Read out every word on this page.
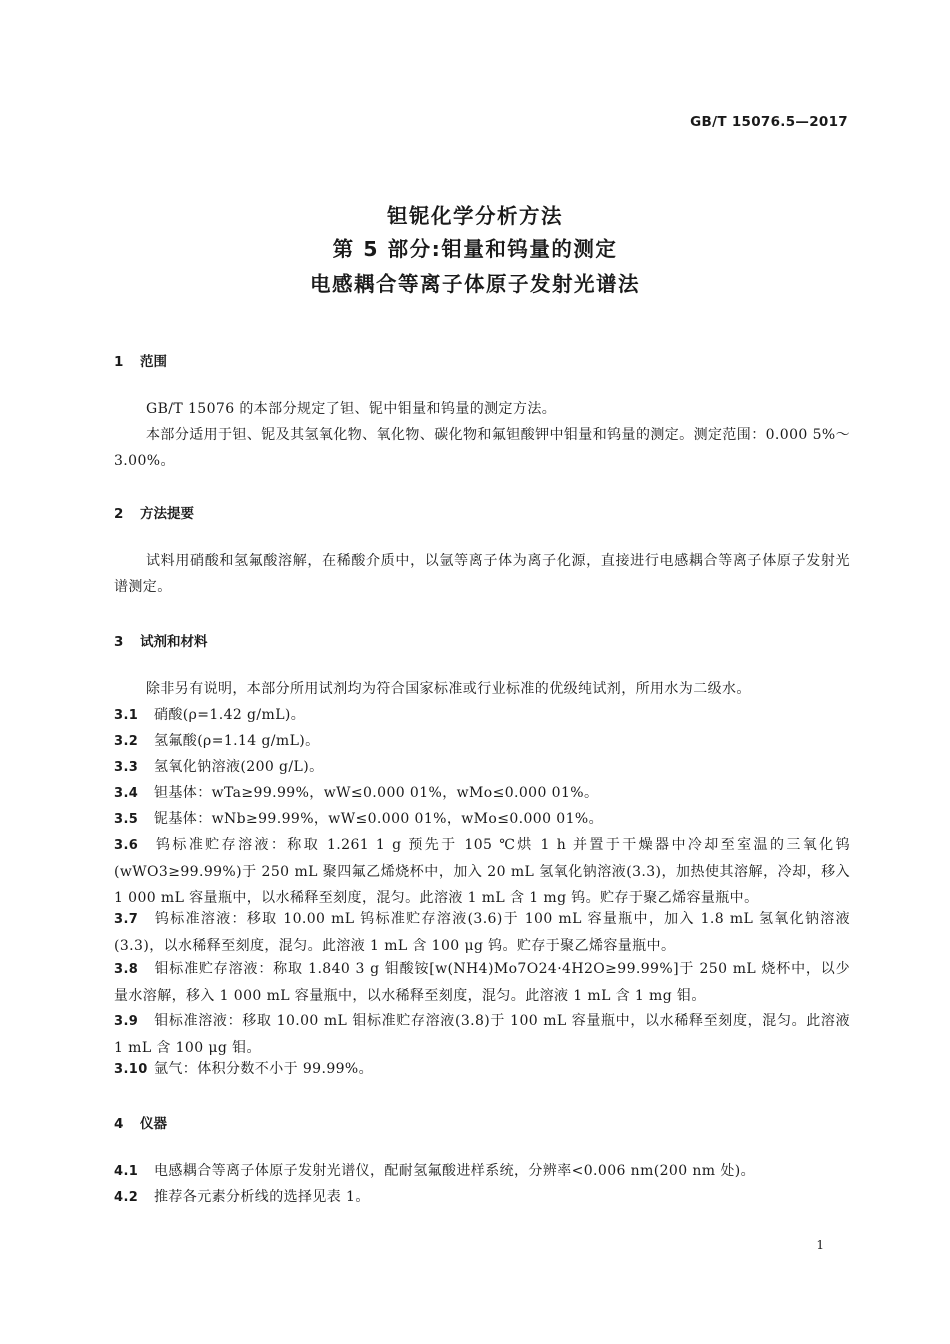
GB/T 15076.5—2017
钽铌化学分析方法
第 5 部分:钼量和钨量的测定
电感耦合等离子体原子发射光谱法
1 范围
GB/T 15076 的本部分规定了钽、铌中钼量和钨量的测定方法。
本部分适用于钽、铌及其氢氧化物、氧化物、碳化物和氟钽酸钾中钼量和钨量的测定。测定范围：0.000 5%～3.00%。
2 方法提要
试料用硝酸和氢氟酸溶解，在稀酸介质中，以氩等离子体为离子化源，直接进行电感耦合等离子体原子发射光谱测定。
3 试剂和材料
除非另有说明，本部分所用试剂均为符合国家标准或行业标准的优级纯试剂，所用水为二级水。
3.1 硝酸(ρ=1.42 g/mL)。
3.2 氢氟酸(ρ=1.14 g/mL)。
3.3 氢氧化钠溶液(200 g/L)。
3.4 钽基体：wTa≥99.99%，wW≤0.000 01%，wMo≤0.000 01%。
3.5 铌基体：wNb≥99.99%，wW≤0.000 01%，wMo≤0.000 01%。
3.6 钨标准贮存溶液：称取 1.261 1 g 预先于 105 ℃烘 1 h 并置于干燥器中冷却至室温的三氧化钨(wWO3≥99.99%)于 250 mL 聚四氟乙烯烧杯中，加入 20 mL 氢氧化钠溶液(3.3)，加热使其溶解，冷却，移入 1 000 mL 容量瓶中，以水稀释至刻度，混匀。此溶液 1 mL 含 1 mg 钨。贮存于聚乙烯容量瓶中。
3.7 钨标准溶液：移取 10.00 mL 钨标准贮存溶液(3.6)于 100 mL 容量瓶中，加入 1.8 mL 氢氧化钠溶液(3.3)，以水稀释至刻度，混匀。此溶液 1 mL 含 100 μg 钨。贮存于聚乙烯容量瓶中。
3.8 钼标准贮存溶液：称取 1.840 3 g 钼酸铵[w(NH4)Mo7O24·4H2O≥99.99%]于 250 mL 烧杯中，以少量水溶解，移入 1 000 mL 容量瓶中，以水稀释至刻度，混匀。此溶液 1 mL 含 1 mg 钼。
3.9 钼标准溶液：移取 10.00 mL 钼标准贮存溶液(3.8)于 100 mL 容量瓶中，以水稀释至刻度，混匀。此溶液 1 mL 含 100 μg 钼。
3.10 氩气：体积分数不小于 99.99%。
4 仪器
4.1 电感耦合等离子体原子发射光谱仪，配耐氢氟酸进样系统，分辨率<0.006 nm(200 nm 处)。
4.2 推荐各元素分析线的选择见表 1。
1
